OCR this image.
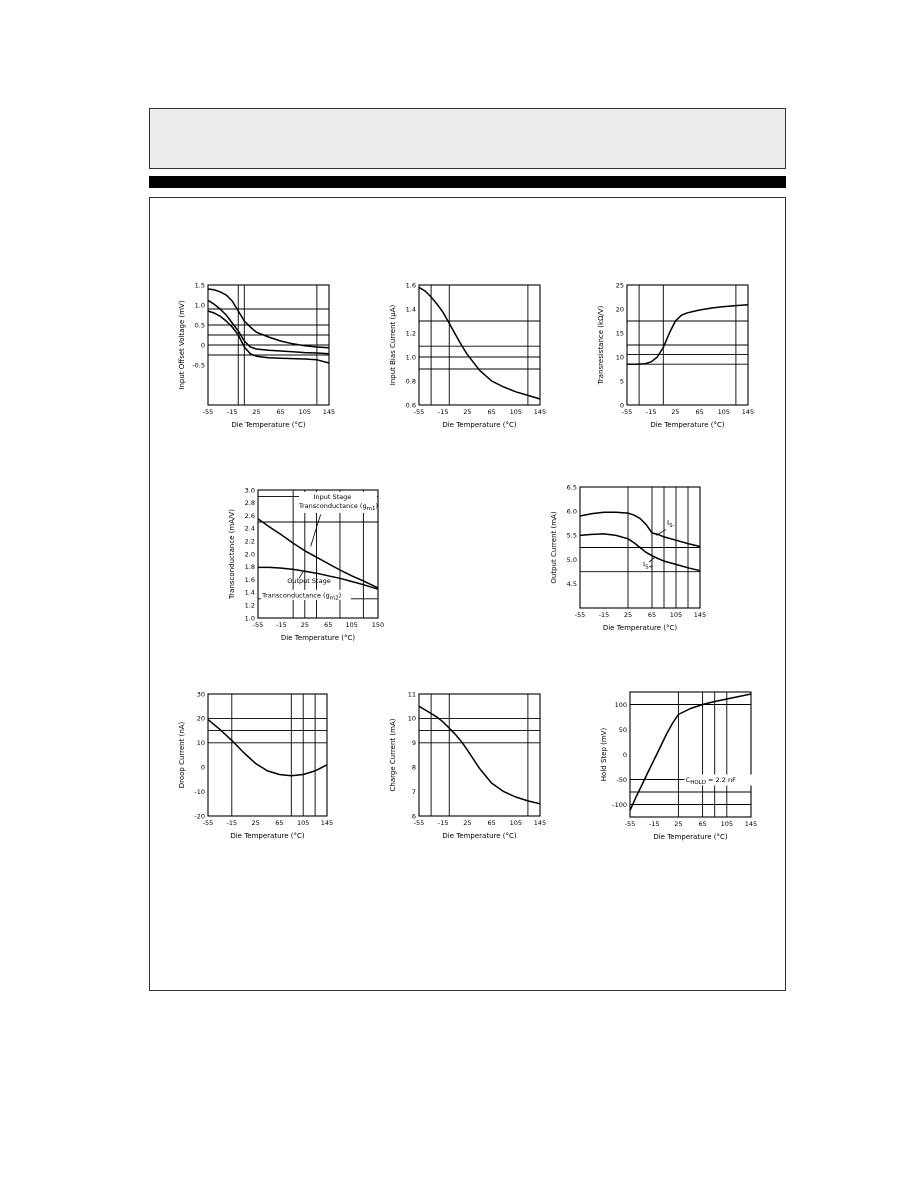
-55 -15 25 65 105 145
-0.5
0
0.5
1.0
1.5
Die Temperature (°C)
Input Offset Voltage (mV)
-55 -15 25 65 105 145
0.6
0.8
1.0
1.2
1.4
1.6
Die Temperature (°C)
Input Bias Current (µA)
-55 -15 25 65 105 145
0
5
10
15
20
25
Die Temperature (°C)
Transresistance (kΩ/V)
-55 -15 25 65 105 150
1.0
1.2
1.4
1.6
1.8
2.0
2.2
2.4
2.6
2.8
3.0
Die Temperature (°C)
Transconductance (mA/V)
Input Stage
Transconductance $(g_{m1})$
Output Stage
Transconductance $(g_{m2})$
-55 -15 25 65 105 145
4.5
5.0
5.5
6.0
6.5
Die Temperature (°C)
Output Current (mA)	$I_{S-}$
$I_{S+}$
-55 -15 25 65 105 145
-20
-10
0
10
20
30
Die Temperature (°C)
Droop Current (nA)
-55 -15 25 65 105 145
6
7
8
9
10
11
Die Temperature (°C)
Charge Current (mA)
-55 -15 25 65 105 145
-100
-50
0
50
100
Die Temperature (°C)
Hold Step (mV)	$C_{HOLD} = 2.2$ nF
